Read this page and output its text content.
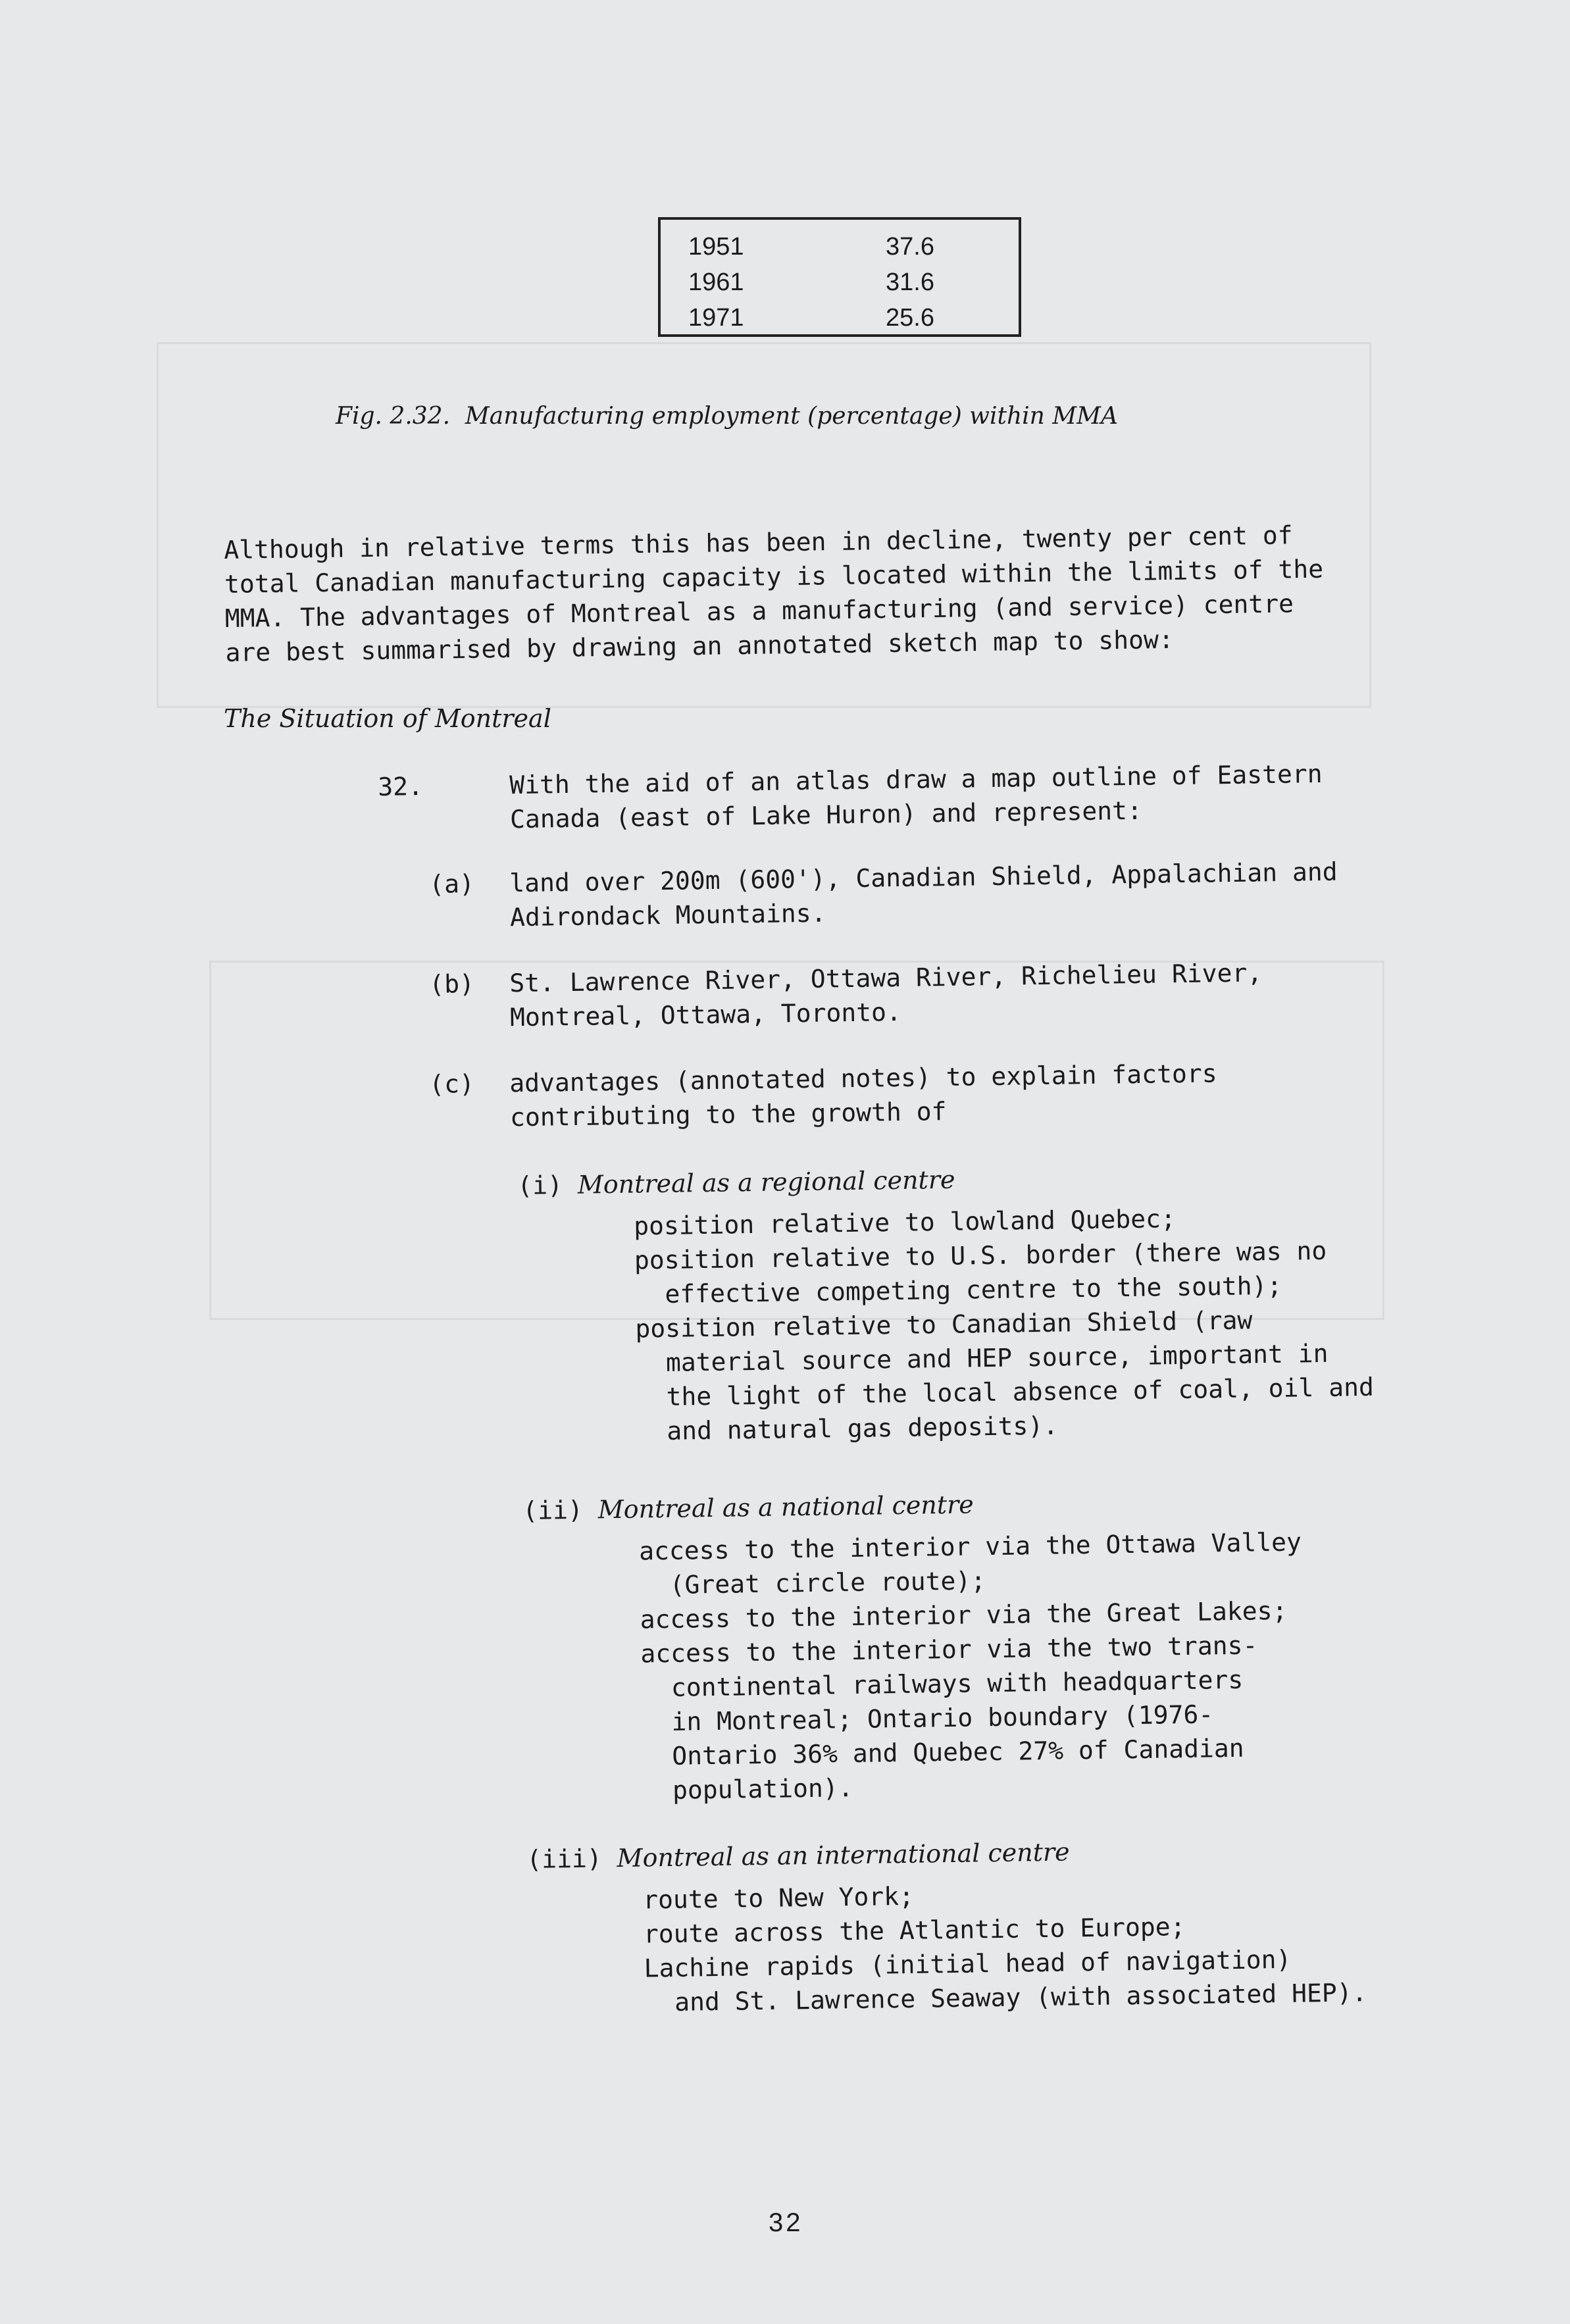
1951	37.6
1961	31.6
1971	25.6
Fig. 2.32.  Manufacturing employment (percentage) within MMA
Although in relative terms this has been in decline, twenty per cent of
total Canadian manufacturing capacity is located within the limits of the
MMA. The advantages of Montreal as a manufacturing (and service) centre
are best summarised by drawing an annotated sketch map to show:
The Situation of Montreal
32.	With the aid of an atlas draw a map outline of Eastern
Canada (east of Lake Huron) and represent:
(a) land over 200m (600'), Canadian Shield, Appalachian and
Adirondack Mountains.
(b) St. Lawrence River, Ottawa River, Richelieu River,
Montreal, Ottawa, Toronto.
(c) advantages (annotated notes) to explain factors
contributing to the growth of
(i) Montreal as a regional centre
position relative to lowland Quebec;
position relative to U.S. border (there was no
effective competing centre to the south);
position relative to Canadian Shield (raw
material source and HEP source, important in
the light of the local absence of coal, oil and
and natural gas deposits).
(ii) Montreal as a national centre
access to the interior via the Ottawa Valley
(Great circle route);
access to the interior via the Great Lakes;
access to the interior via the two trans-
continental railways with headquarters
in Montreal; Ontario boundary (1976-
Ontario 36% and Quebec 27% of Canadian
population).
(iii) Montreal as an international centre
route to New York;
route across the Atlantic to Europe;
Lachine rapids (initial head of navigation)
and St. Lawrence Seaway (with associated HEP).
32
